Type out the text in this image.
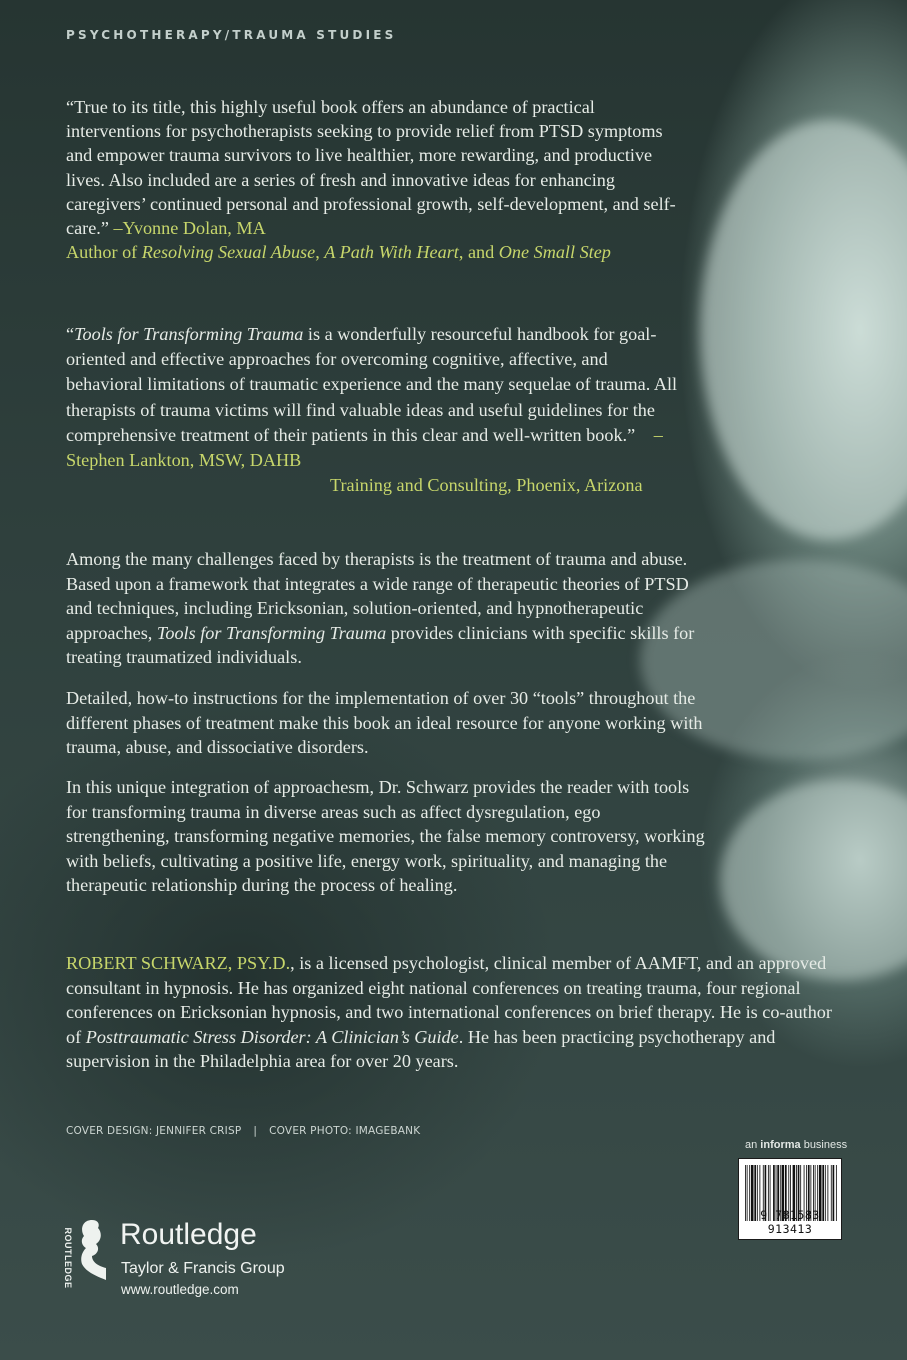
PSYCHOTHERAPY/TRAUMA STUDIES

“True to its title, this highly useful book offers an abundance of practical interventions for psychotherapists seeking to provide relief from PTSD symptoms and empower trauma survivors to live healthier, more rewarding, and productive lives. Also included are a series of fresh and innovative ideas for enhancing caregivers’ continued personal and professional growth, self-development, and self-care.” –Yvonne Dolan, MA
Author of Resolving Sexual Abuse, A Path With Heart, and One Small Step

“Tools for Transforming Trauma is a wonderfully resourceful handbook for goal-oriented and effective approaches for overcoming cognitive, affective, and behavioral limitations of traumatic experience and the many sequelae of trauma. All therapists of trauma victims will find valuable ideas and useful guidelines for the comprehensive treatment of their patients in this clear and well-written book.” –Stephen Lankton, MSW, DAHB
Training and Consulting, Phoenix, Arizona

Among the many challenges faced by therapists is the treatment of trauma and abuse. Based upon a framework that integrates a wide range of therapeutic theories of PTSD and techniques, including Ericksonian, solution-oriented, and hypnotherapeutic approaches, Tools for Transforming Trauma provides clinicians with specific skills for treating traumatized individuals.

Detailed, how-to instructions for the implementation of over 30 “tools” throughout the different phases of treatment make this book an ideal resource for anyone working with trauma, abuse, and dissociative disorders.

In this unique integration of approachesm, Dr. Schwarz provides the reader with tools for transforming trauma in diverse areas such as affect dysregulation, ego strengthening, transforming negative memories, the false memory controversy, working with beliefs, cultivating a positive life, energy work, spirituality, and managing the therapeutic relationship during the process of healing.

ROBERT SCHWARZ, PSY.D., is a licensed psychologist, clinical member of AAMFT, and an approved consultant in hypnosis. He has organized eight national conferences on treating trauma, four regional conferences on Ericksonian hypnosis, and two international conferences on brief therapy. He is co-author of Posttraumatic Stress Disorder: A Clinician’s Guide. He has been practicing psychotherapy and supervision in the Philadelphia area for over 20 years.

COVER DESIGN: JENNIFER CRISP | COVER PHOTO: IMAGEBANK
an informa business
9 781583 913413
ROUTLEDGE Routledge
Taylor & Francis Group
www.routledge.com
